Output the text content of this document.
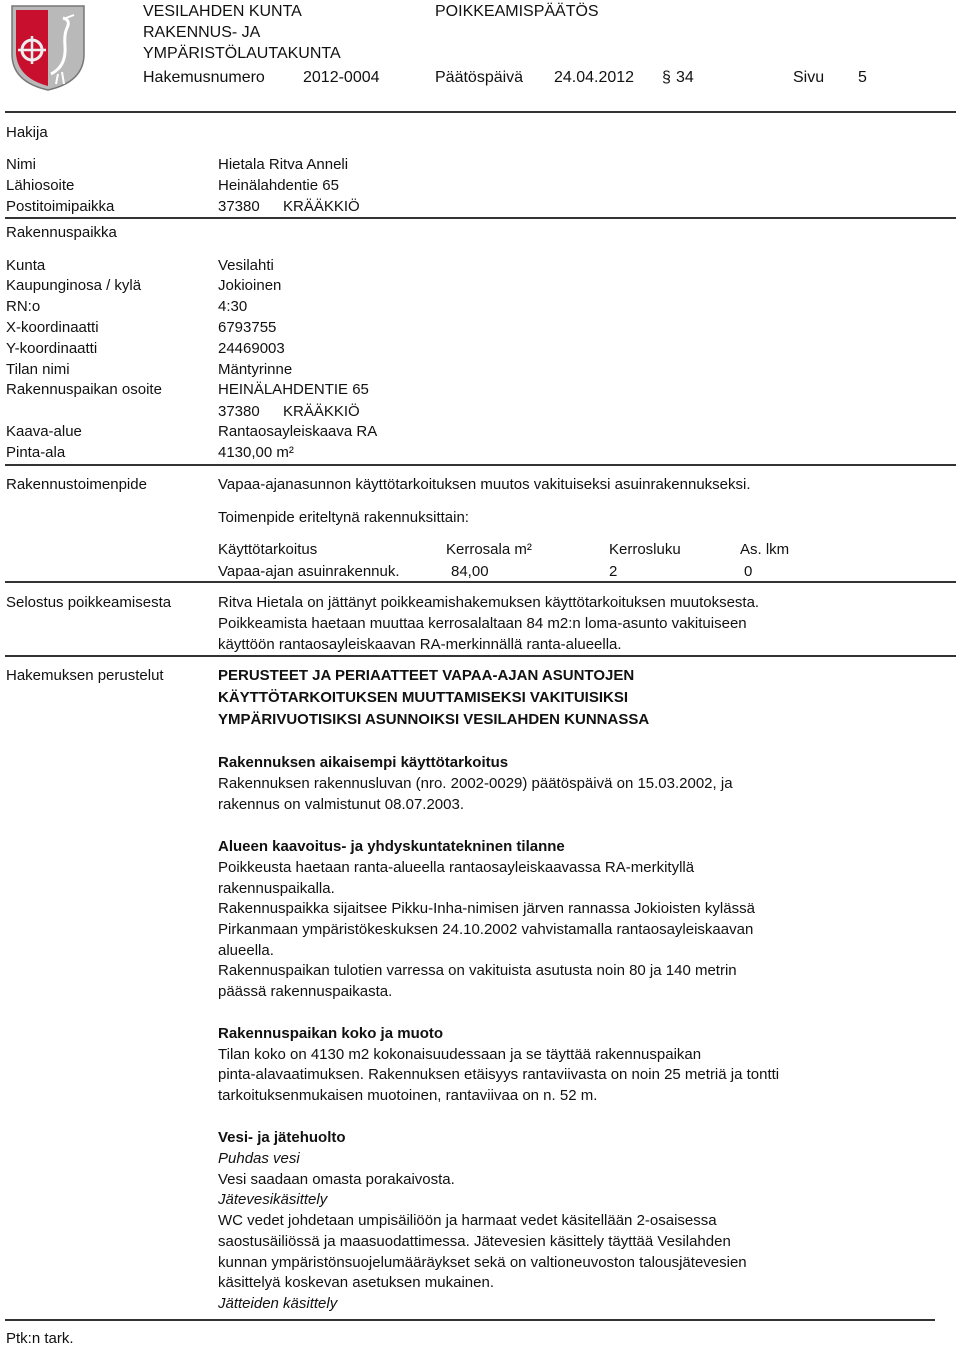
VESILAHDEN KUNTA
RAKENNUS- JA
YMPÄRISTÖLAUTAKUNTA
POIKKEAMISPÄÄTÖS
Hakemusnumero 2012-0004	Päätöspäivä 24.04.2012 § 34	Sivu 5
Hakija
Nimi	Hietala Ritva Anneli
Lähiosoite	Heinälahdentie 65
Postitoimipaikka	37380 KRÄÄKKIÖ
Rakennuspaikka
Kunta	Vesilahti
Kaupunginosa / kylä	Jokioinen
RN:o	4:30
X-koordinaatti	6793755
Y-koordinaatti	24469003
Tilan nimi	Mäntyrinne
Rakennuspaikan osoite	HEINÄLAHDENTIE 65
37380 KRÄÄKKIÖ
Kaava-alue	Rantaosayleiskaava RA
Pinta-ala	4130,00 m²
Rakennustoimenpide	Vapaa-ajanasunnon käyttötarkoituksen muutos vakituiseksi asuinrakennukseksi.
Toimenpide eriteltynä rakennuksittain:
Käyttötarkoitus	Kerrosala m²	Kerrosluku	As. lkm
Vapaa-ajan asuinrakennuk.	84,00	2	0
Selostus poikkeamisesta	Ritva Hietala on jättänyt poikkeamishakemuksen käyttötarkoituksen muutoksesta.
Poikkeamista haetaan muuttaa kerrosalaltaan 84 m2:n loma-asunto vakituiseen
käyttöön rantaosayleiskaavan RA-merkinnällä ranta-alueella.
Hakemuksen perustelut	PERUSTEET JA PERIAATTEET VAPAA-AJAN ASUNTOJEN
KÄYTTÖTARKOITUKSEN MUUTTAMISEKSI VAKITUISIKSI
YMPÄRIVUOTISIKSI ASUNNOIKSI VESILAHDEN KUNNASSA
Rakennuksen aikaisempi käyttötarkoitus
Rakennuksen rakennusluvan (nro. 2002-0029) päätöspäivä on 15.03.2002, ja
rakennus on valmistunut 08.07.2003.
Alueen kaavoitus- ja yhdyskuntatekninen tilanne
Poikkeusta haetaan ranta-alueella rantaosayleiskaavassa RA-merkityllä
rakennuspaikalla.
Rakennuspaikka sijaitsee Pikku-Inha-nimisen järven rannassa Jokioisten kylässä
Pirkanmaan ympäristökeskuksen 24.10.2002 vahvistamalla rantaosayleiskaavan
alueella.
Rakennuspaikan tulotien varressa on vakituista asutusta noin 80 ja 140 metrin
päässä rakennuspaikasta.
Rakennuspaikan koko ja muoto
Tilan koko on 4130 m2 kokonaisuudessaan ja se täyttää rakennuspaikan
pinta-alavaatimuksen. Rakennuksen etäisyys rantaviivasta on noin 25 metriä ja tontti
tarkoituksenmukaisen muotoinen, rantaviivaa on n. 52 m.
Vesi- ja jätehuolto
Puhdas vesi
Vesi saadaan omasta porakaivosta.
Jätevesikäsittely
WC vedet johdetaan umpisäiliöön ja harmaat vedet käsitellään 2-osaisessa
saostusäiliössä ja maasuodattimessa. Jätevesien käsittely täyttää Vesilahden
kunnan ympäristönsuojelumääräykset sekä on valtioneuvoston talousjätevesien
käsittelyä koskevan asetuksen mukainen.
Jätteiden käsittely
Ptk:n tark.
